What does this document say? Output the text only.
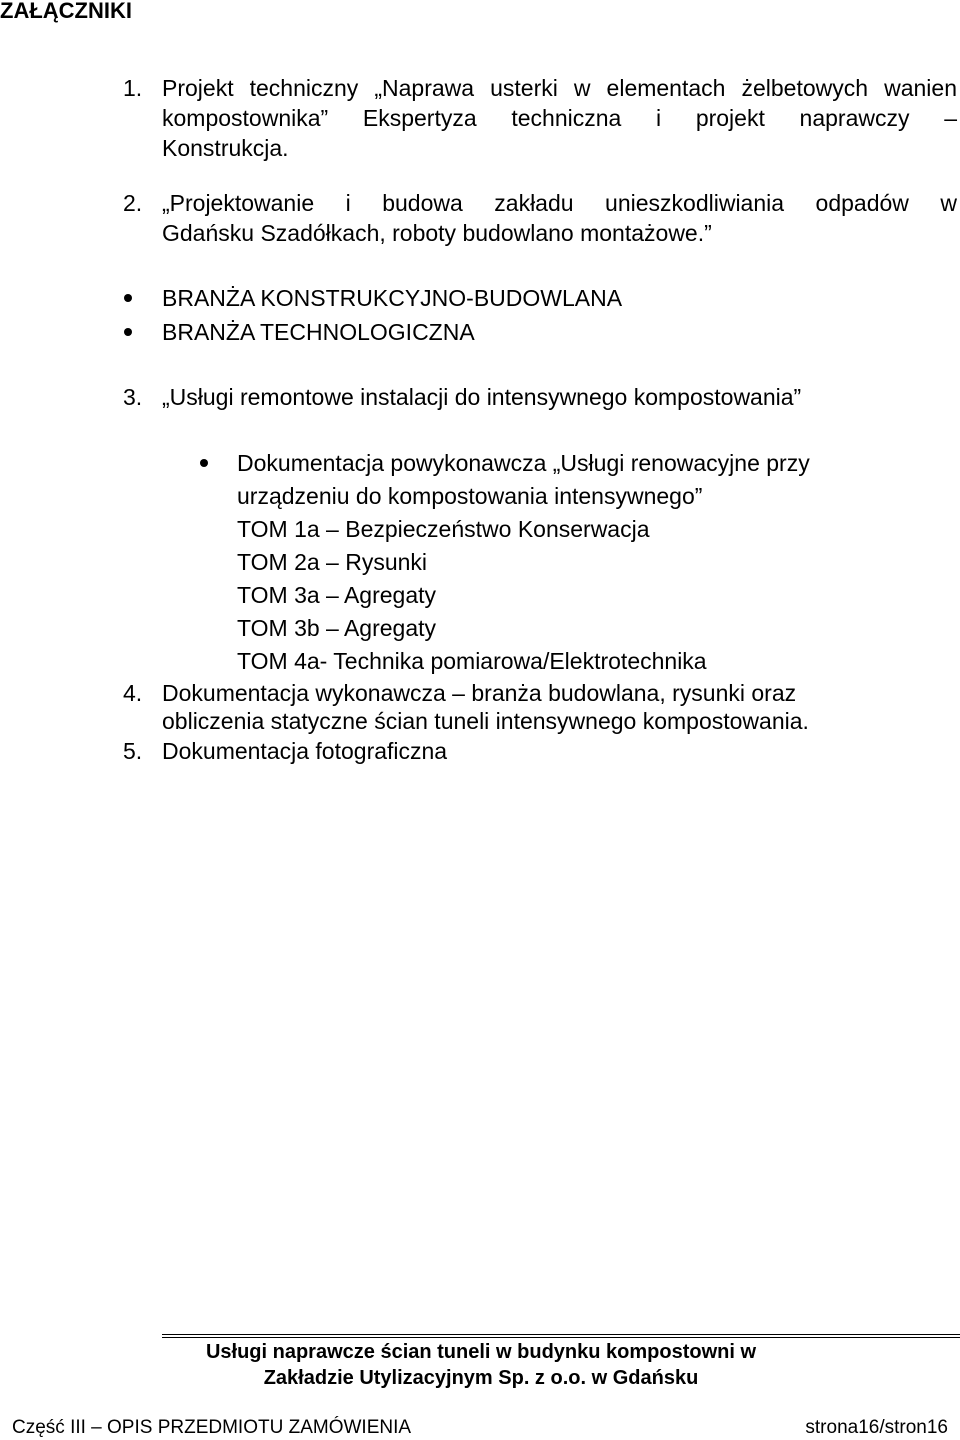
ZAŁĄCZNIKI
1. Projekt techniczny „Naprawa usterki w elementach żelbetowych wanien
kompostownika” Ekspertyza techniczna i projekt naprawczy –
Konstrukcja.
2. „Projektowanie i budowa zakładu unieszkodliwiania odpadów w
Gdańsku Szadółkach, roboty budowlano montażowe.”
BRANŻA KONSTRUKCYJNO-BUDOWLANA
BRANŻA TECHNOLOGICZNA
3. „Usługi remontowe instalacji do intensywnego kompostowania”
Dokumentacja powykonawcza „Usługi renowacyjne przy
urządzeniu do kompostowania intensywnego”
TOM 1a – Bezpieczeństwo Konserwacja
TOM 2a – Rysunki
TOM 3a – Agregaty
TOM 3b – Agregaty
TOM 4a- Technika pomiarowa/Elektrotechnika
4. Dokumentacja wykonawcza – branża budowlana, rysunki oraz
obliczenia statyczne ścian tuneli intensywnego kompostowania.
5. Dokumentacja fotograficzna
Usługi naprawcze ścian tuneli w budynku kompostowni w
Zakładzie Utylizacyjnym Sp. z o.o. w Gdańsku
Część III – OPIS PRZEDMIOTU ZAMÓWIENIA	strona16/stron16
